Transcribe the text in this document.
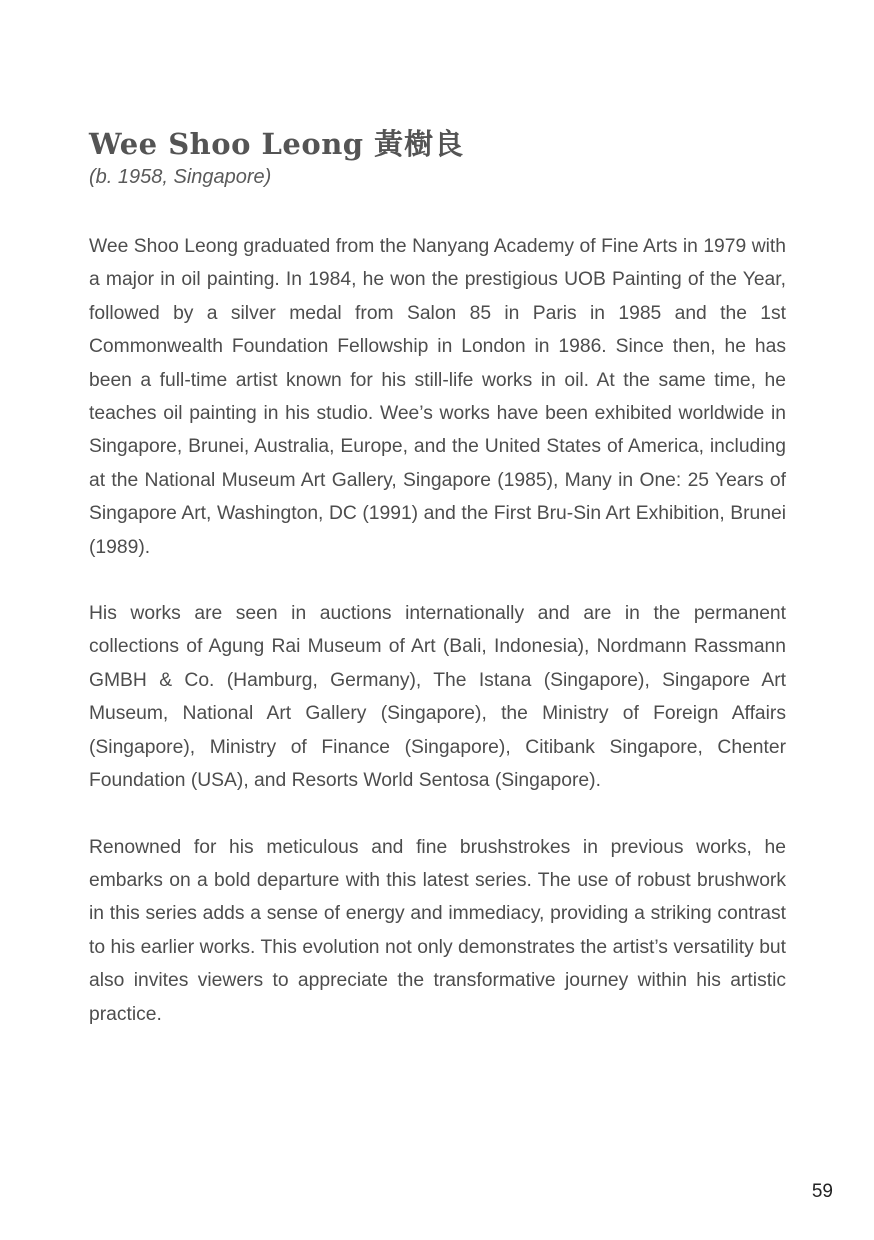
Wee Shoo Leong 黃樹良

(b. 1958, Singapore)

Wee Shoo Leong graduated from the Nanyang Academy of Fine Arts in 1979 with a major in oil painting. In 1984, he won the prestigious UOB Painting of the Year, followed by a silver medal from Salon 85 in Paris in 1985 and the 1st Commonwealth Foundation Fellowship in London in 1986. Since then, he has been a full-time artist known for his still-life works in oil. At the same time, he teaches oil painting in his studio. Wee’s works have been exhibited worldwide in Singapore, Brunei, Australia, Europe, and the United States of America, including at the National Museum Art Gallery, Singapore (1985), Many in One: 25 Years of Singapore Art, Washington, DC (1991) and the First Bru-Sin Art Exhibition, Brunei (1989).

His works are seen in auctions internationally and are in the permanent collections of Agung Rai Museum of Art (Bali, Indonesia), Nordmann Rassmann GMBH & Co. (Hamburg, Germany), The Istana (Singapore), Singapore Art Museum, National Art Gallery (Singapore), the Ministry of Foreign Affairs (Singapore), Ministry of Finance (Singapore), Citibank Singapore, Chenter Foundation (USA), and Resorts World Sentosa (Singapore).

Renowned for his meticulous and fine brushstrokes in previous works, he embarks on a bold departure with this latest series. The use of robust brushwork in this series adds a sense of energy and immediacy, providing a striking contrast to his earlier works. This evolution not only demonstrates the artist’s versatility but also invites viewers to appreciate the transformative journey within his artistic practice.

59
